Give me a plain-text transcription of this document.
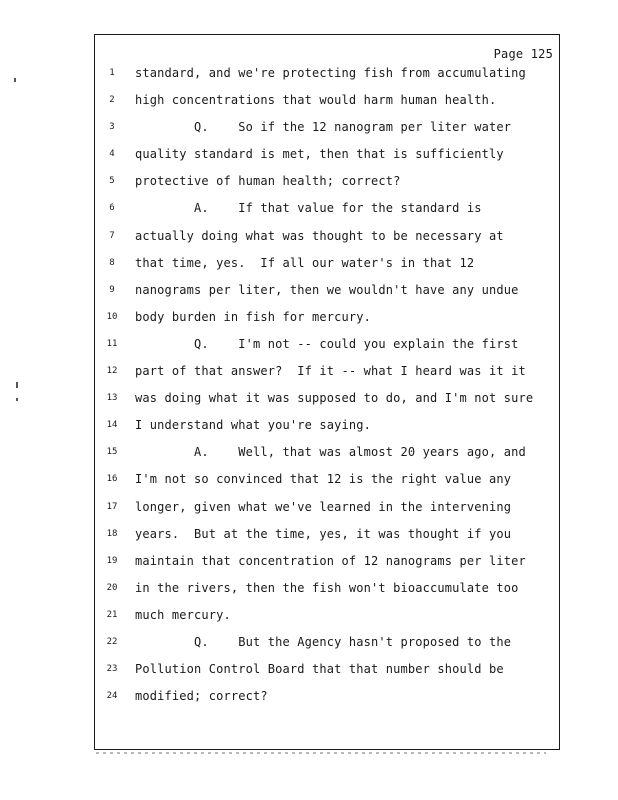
Page 125
1	standard, and we're protecting fish from accumulating
2	high concentrations that would harm human health.
3	Q.    So if the 12 nanogram per liter water
4	quality standard is met, then that is sufficiently
5	protective of human health; correct?
6	A.    If that value for the standard is
7	actually doing what was thought to be necessary at
8	that time, yes.  If all our water's in that 12
9	nanograms per liter, then we wouldn't have any undue
10	body burden in fish for mercury.
11	Q.    I'm not -- could you explain the first
12	part of that answer?  If it -- what I heard was it it
13	was doing what it was supposed to do, and I'm not sure
14	I understand what you're saying.
15	A.    Well, that was almost 20 years ago, and
16	I'm not so convinced that 12 is the right value any
17	longer, given what we've learned in the intervening
18	years.  But at the time, yes, it was thought if you
19	maintain that concentration of 12 nanograms per liter
20	in the rivers, then the fish won't bioaccumulate too
21	much mercury.
22	Q.    But the Agency hasn't proposed to the
23	Pollution Control Board that that number should be
24	modified; correct?
